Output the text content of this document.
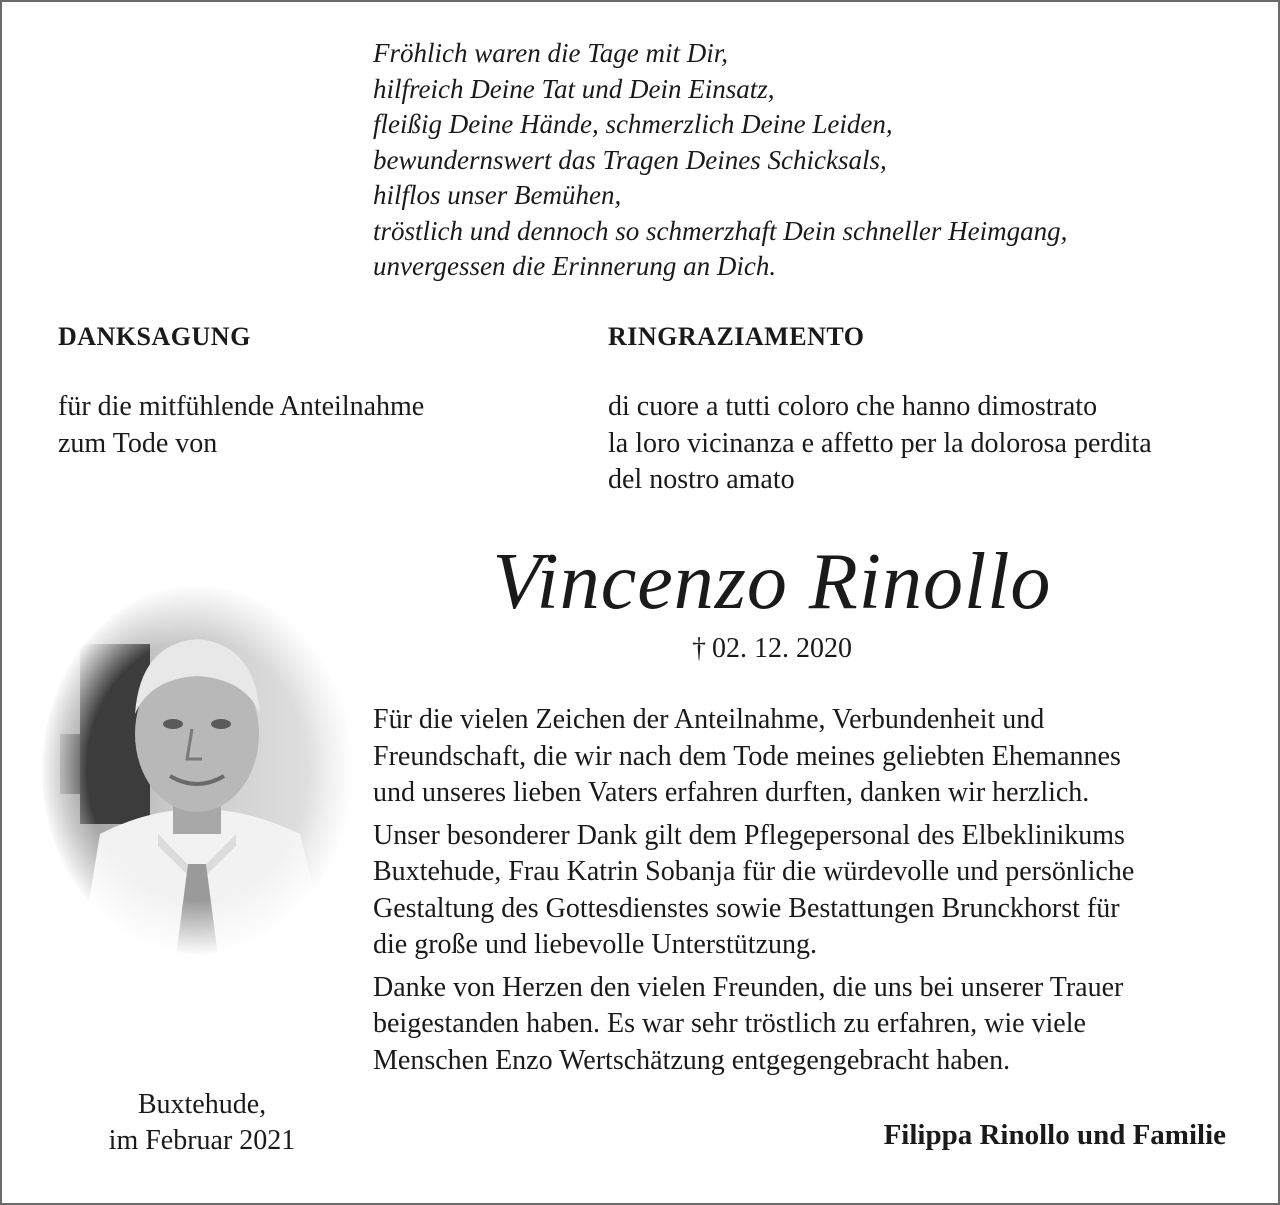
Fröhlich waren die Tage mit Dir,
hilfreich Deine Tat und Dein Einsatz,
fleißig Deine Hände, schmerzlich Deine Leiden,
bewundernswert das Tragen Deines Schicksals,
hilflos unser Bemühen,
tröstlich und dennoch so schmerzhaft Dein schneller Heimgang,
unvergessen die Erinnerung an Dich.
DANKSAGUNG	RINGRAZIAMENTO
für die mitfühlende Anteilnahme
zum Tode von
di cuore a tutti coloro che hanno dimostrato
la loro vicinanza e affetto per la dolorosa perdita
del nostro amato
Vincenzo Rinollo
† 02. 12. 2020

Für die vielen Zeichen der Anteilnahme, Verbundenheit und
Freundschaft, die wir nach dem Tode meines geliebten Ehemannes
und unseres lieben Vaters erfahren durften, danken wir herzlich.

Unser besonderer Dank gilt dem Pflegepersonal des Elbeklinikums
Buxtehude, Frau Katrin Sobanja für die würdevolle und persönliche
Gestaltung des Gottesdienstes sowie Bestattungen Brunckhorst für
die große und liebevolle Unterstützung.

Danke von Herzen den vielen Freunden, die uns bei unserer Trauer
beigestanden haben. Es war sehr tröstlich zu erfahren, wie viele
Menschen Enzo Wertschätzung entgegengebracht haben.

Buxtehude,
im Februar 2021	Filippa Rinollo und Familie
